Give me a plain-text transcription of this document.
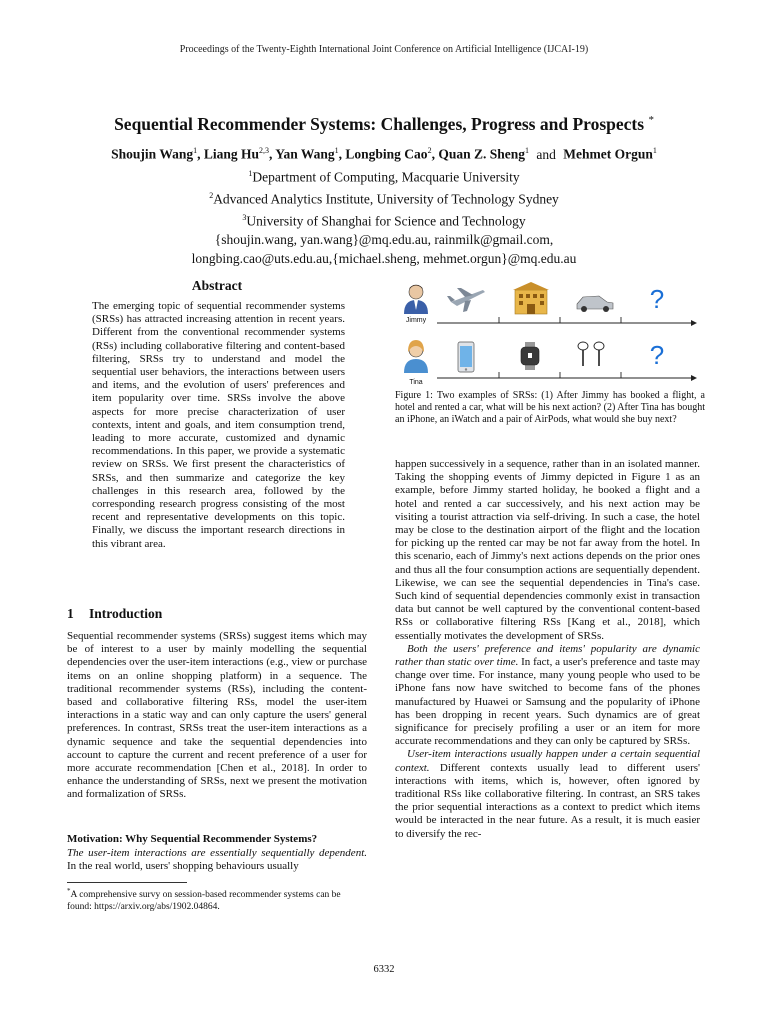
Proceedings of the Twenty-Eighth International Joint Conference on Artificial Intelligence (IJCAI-19)
Sequential Recommender Systems: Challenges, Progress and Prospects *
Shoujin Wang$^1$, Liang Hu$^{2,3}$, Yan Wang$^1$, Longbing Cao$^2$, Quan Z. Sheng$^1$ and Mehmet Orgun$^1$
$^1$Department of Computing, Macquarie University
$^2$Advanced Analytics Institute, University of Technology Sydney
$^3$University of Shanghai for Science and Technology
{shoujin.wang, yan.wang}@mq.edu.au, rainmilk@gmail.com,
longbing.cao@uts.edu.au,{michael.sheng, mehmet.orgun}@mq.edu.au
Abstract
The emerging topic of sequential recommender systems (SRSs) has attracted increasing attention in recent years. Different from the conventional recommender systems (RSs) including collaborative filtering and content-based filtering, SRSs try to understand and model the sequential user behaviors, the interactions between users and items, and the evolution of users' preferences and item popularity over time. SRSs involve the above aspects for more precise characterization of user contexts, intent and goals, and item consumption trend, leading to more accurate, customized and dynamic recommendations. In this paper, we provide a systematic review on SRSs. We first present the characteristics of SRSs, and then summarize and categorize the key challenges in this research area, followed by the corresponding research progress consisting of the most recent and representative developments on this topic. Finally, we discuss the important research directions in this vibrant area.
1 Introduction
Sequential recommender systems (SRSs) suggest items which may be of interest to a user by mainly modelling the sequential dependencies over the user-item interactions (e.g., view or purchase items on an online shopping platform) in a sequence. The traditional recommender systems (RSs), including the content-based and collaborative filtering RSs, model the user-item interactions in a static way and can only capture the users' general preferences. In contrast, SRSs treat the user-item interactions as a dynamic sequence and take the sequential dependencies into account to capture the current and recent preference of a user for more accurate recommendation [Chen et al., 2018]. In order to enhance the understanding of SRSs, next we present the motivation and formalization of SRSs.
Motivation: Why Sequential Recommender Systems?
The user-item interactions are essentially sequentially dependent. In the real world, users' shopping behaviours usually
*A comprehensive survy on session-based recommender systems can be found: https://arxiv.org/abs/1902.04864.
Jimmy
?
Tina
?
Figure 1: Two examples of SRSs: (1) After Jimmy has booked a flight, a hotel and rented a car, what will be his next action? (2) After Tina has bought an iPhone, an iWatch and a pair of AirPods, what would she buy next?

happen successively in a sequence, rather than in an isolated manner. Taking the shopping events of Jimmy depicted in Figure 1 as an example, before Jimmy started holiday, he booked a flight and a hotel and rented a car successively, and his next action may be visiting a tourist attraction via self-driving. In such a case, the hotel may be close to the destination airport of the flight and the location for picking up the rented car may be not far away from the hotel. In this scenario, each of Jimmy's next actions depends on the prior ones and thus all the four consumption actions are sequentially dependent. Likewise, we can see the sequential dependencies in Tina's case. Such kind of sequential dependencies commonly exist in transaction data but cannot be well captured by the conventional content-based RSs or collaborative filtering RSs [Kang et al., 2018], which essentially motivates the development of SRSs.

Both the users' preference and items' popularity are dynamic rather than static over time. In fact, a user's preference and taste may change over time. For instance, many young people who used to be iPhone fans now have switched to become fans of the phones manufactured by Huawei or Samsung and the popularity of iPhone has been dropping in recent years. Such dynamics are of great significance for precisely profiling a user or an item for more accurate recommendations and they can only be captured by SRSs.

User-item interactions usually happen under a certain sequential context. Different contexts usually lead to different users' interactions with items, which is, however, often ignored by traditional RSs like collaborative filtering. In contrast, an SRS takes the prior sequential interactions as a context to predict which items would be interacted in the near future. As a result, it is much easier to diversify the rec-

6332
